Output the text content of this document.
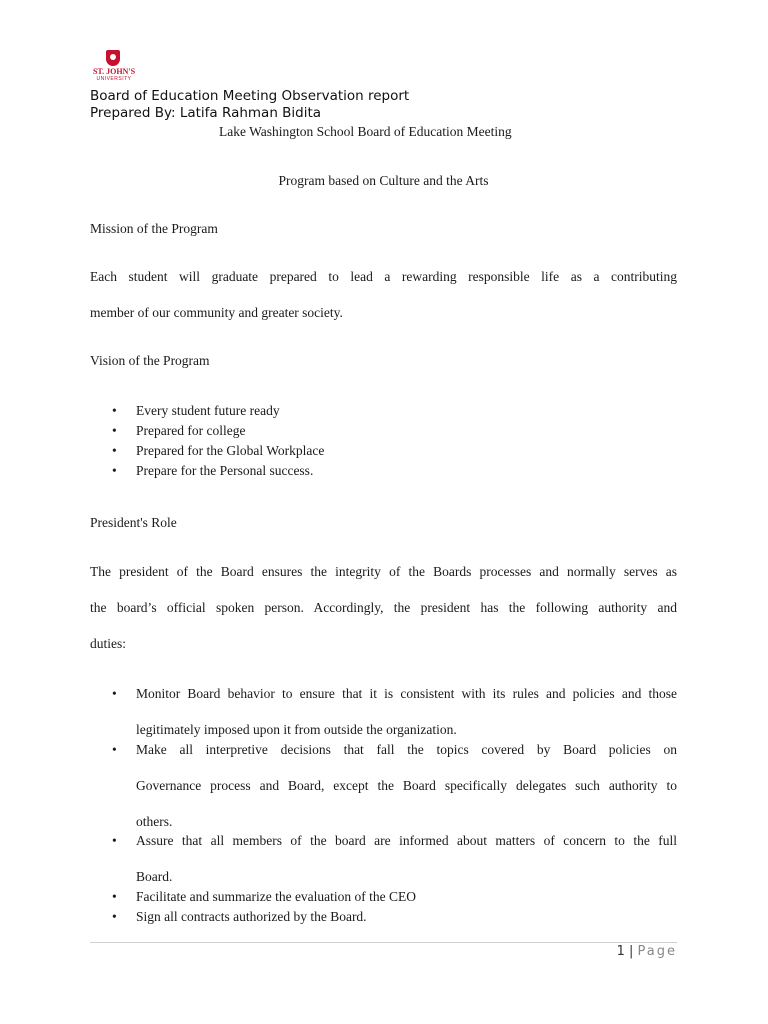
ST. JOHN'S
UNIVERSITY
Board of Education Meeting Observation report
Prepared By: Latifa Rahman Bidita
Lake Washington School Board of Education Meeting
Program based on Culture and the Arts
Mission of the Program
Each student will graduate prepared to lead a rewarding responsible life as a contributing
member of our community and greater society.
Vision of the Program
• Every student future ready
• Prepared for college
• Prepared for the Global Workplace
• Prepare for the Personal success.
President's Role
The president of the Board ensures the integrity of the Boards processes and normally serves as
the board’s official spoken person. Accordingly, the president has the following authority and
duties:
• Monitor Board behavior to ensure that it is consistent with its rules and policies and those
legitimately imposed upon it from outside the organization.
• Make all interpretive decisions that fall the topics covered by Board policies on
Governance process and Board, except the Board specifically delegates such authority to
others.
• Assure that all members of the board are informed about matters of concern to the full
Board.
• Facilitate and summarize the evaluation of the CEO
• Sign all contracts authorized by the Board.
1 | Page
